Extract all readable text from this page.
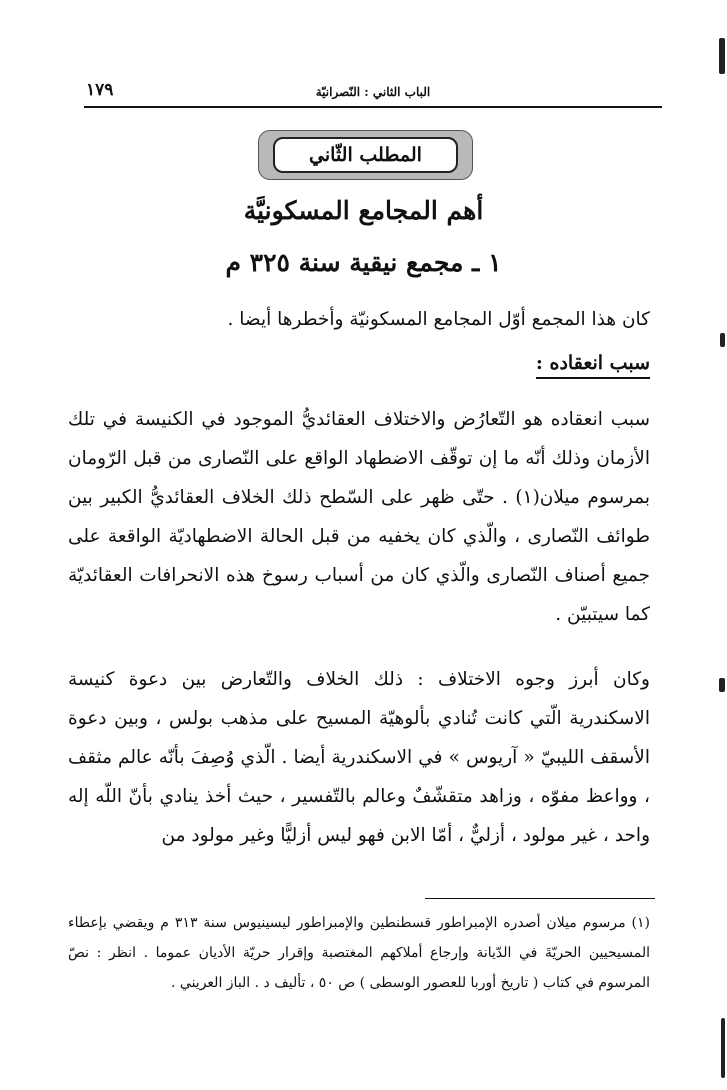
١٧٩	الباب الثاني : النّصرانيّة
المطلب الثّاني
أهم المجامع المسكونيَّة
١ ـ مجمع نيقية سنة ٣٢٥ م
كان هذا المجمع أوّل المجامع المسكونيّة وأخطرها أيضا .
سبب انعقاده :
سبب انعقاده هو التّعارُض والاختلاف العقائديُّ الموجود في الكنيسة في تلك الأزمان وذلك أنّه ما إن توقّف الاضطهاد الواقع على النّصارى من قبل الرّومان بمرسوم ميلان(١) . حتّى ظهر على السّطح ذلك الخلاف العقائديُّ الكبير بين طوائف النّصارى ، والّذي كان يخفيه من قبل الحالة الاضطهاديّة الواقعة على جميع أصناف النّصارى والّذي كان من أسباب رسوخ هذه الانحرافات العقائديّة كما سيتبيّن .
وكان أبرز وجوه الاختلاف : ذلك الخلاف والتّعارض بين دعوة كنيسة الاسكندرية الّتي كانت تُنادي بألوهيّة المسيح على مذهب بولس ، وبين دعوة الأسقف الليبيّ « آريوس » في الاسكندرية أيضا . الّذي وُصِفَ بأنّه عالم مثقف ، وواعظ مفوّه ، وزاهد متقشّفٌ وعالم بالتّفسير ، حيث أخذ ينادي بأنّ اللّه إله واحد ، غير مولود ، أزليٌّ ، أمّا الابن فهو ليس أزليًّا وغير مولود من
(١) مرسوم ميلان أصدره الإمبراطور قسطنطين والإمبراطور ليسينيوس سنة ٣١٣ م ويقضي بإعطاء المسيحيين الحريّةَ في الدّيانة وإرجاع أملاكهم المغتصبة وإقرار حريّة الأديان عموما . انظر : نصّ المرسوم في كتاب ( تاريخ أوربا للعصور الوسطى ) ص ٥٠ ، تأليف د . الباز العريني .
